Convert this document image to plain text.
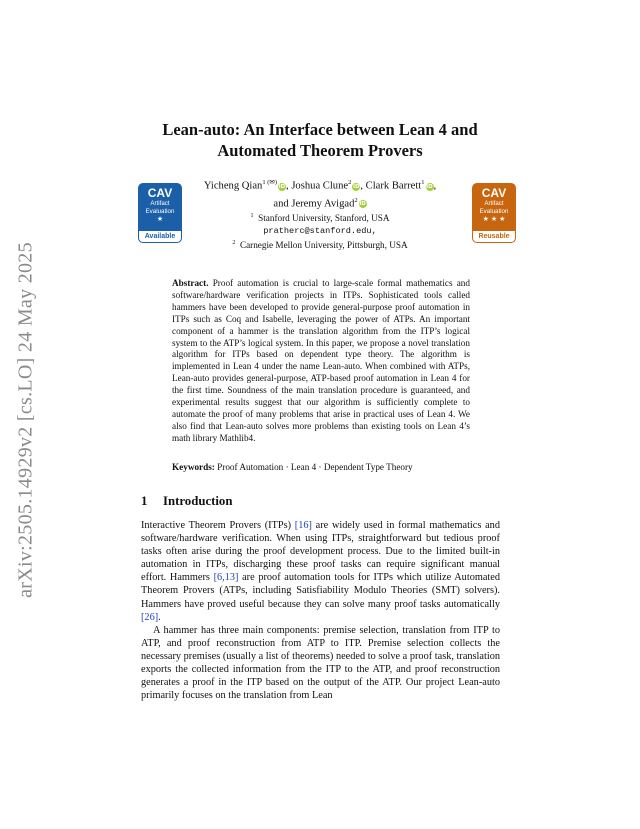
arXiv:2505.14929v2 [cs.LO] 24 May 2025
Lean-auto: An Interface between Lean 4 and
Automated Theorem Provers
CAV
Artifact
Evaluation
★
Available
CAV
Artifact
Evaluation
★ ★ ★
Reusable
Yicheng Qian$^{1 (✉)}$iD, Joshua Clune$^2$iD, Clark Barrett$^1$iD,
and Jeremy Avigad$^2$iD
$^1$ Stanford University, Stanford, USA
pratherc@stanford.edu,
$^2$ Carnegie Mellon University, Pittsburgh, USA
Abstract. Proof automation is crucial to large-scale formal mathematics and software/hardware verification projects in ITPs. Sophisticated tools called hammers have been developed to provide general-purpose proof automation in ITPs such as Coq and Isabelle, leveraging the power of ATPs. An important component of a hammer is the translation algorithm from the ITP’s logical system to the ATP’s logical system. In this paper, we propose a novel translation algorithm for ITPs based on dependent type theory. The algorithm is implemented in Lean 4 under the name Lean-auto. When combined with ATPs, Lean-auto provides general-purpose, ATP-based proof automation in Lean 4 for the first time. Soundness of the main translation procedure is guaranteed, and experimental results suggest that our algorithm is sufficiently complete to automate the proof of many problems that arise in practical uses of Lean 4. We also find that Lean-auto solves more problems than existing tools on Lean 4’s math library Mathlib4.
Keywords: Proof Automation · Lean 4 · Dependent Type Theory
1 Introduction

Interactive Theorem Provers (ITPs) [16] are widely used in formal mathematics and software/hardware verification. When using ITPs, straightforward but tedious proof tasks often arise during the proof development process. Due to the limited built-in automation in ITPs, discharging these proof tasks can require significant manual effort. Hammers [6,13] are proof automation tools for ITPs which utilize Automated Theorem Provers (ATPs, including Satisfiability Modulo Theories (SMT) solvers). Hammers have proved useful because they can solve many proof tasks automatically [26].

A hammer has three main components: premise selection, translation from ITP to ATP, and proof reconstruction from ATP to ITP. Premise selection collects the necessary premises (usually a list of theorems) needed to solve a proof task, translation exports the collected information from the ITP to the ATP, and proof reconstruction generates a proof in the ITP based on the output of the ATP. Our project Lean-auto primarily focuses on the translation from Lean
